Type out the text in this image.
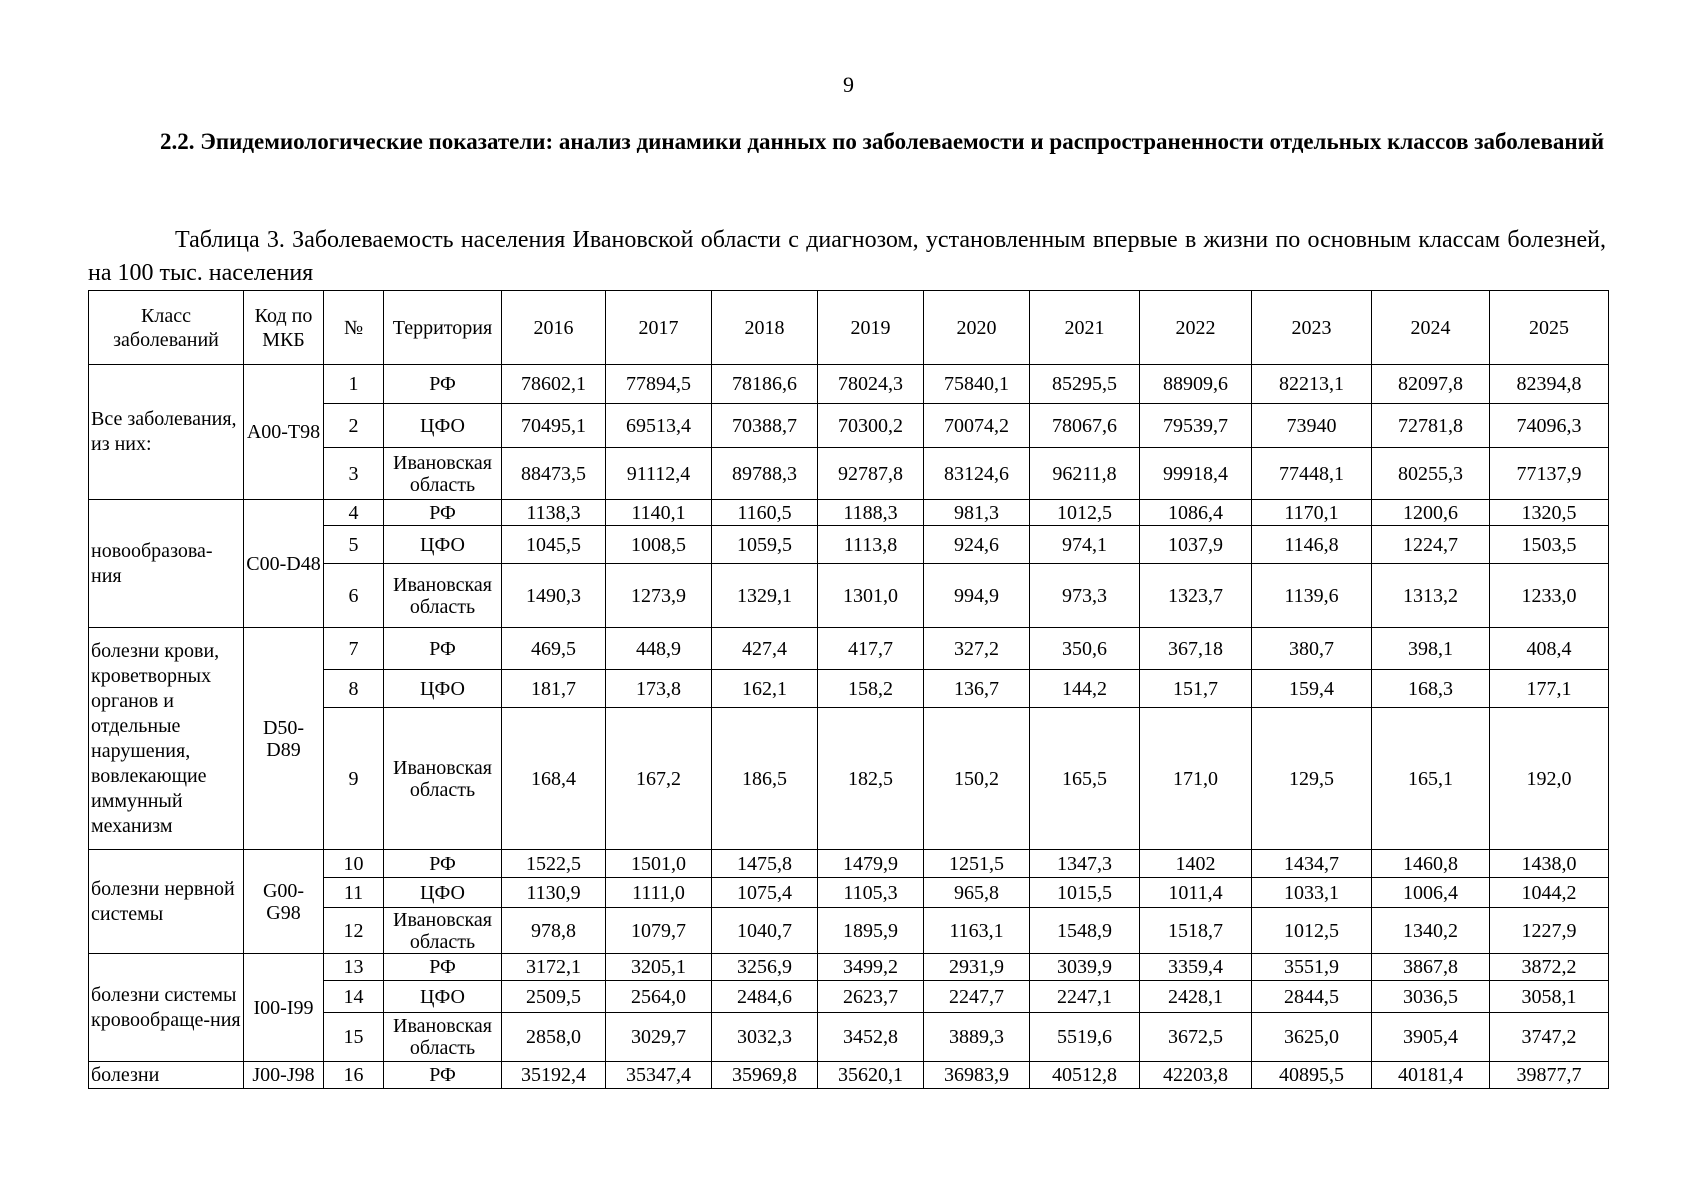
9
2.2. Эпидемиологические показатели: анализ динамики данных по заболеваемости и распространенности отдельных классов заболеваний
Таблица 3. Заболеваемость населения Ивановской области с диагнозом, установленным впервые в жизни по основным классам болезней, на 100 тыс. населения
Класс заболеваний	Код по МКБ	№	Территория	2016	2017	2018	2019	2020	2021	2022	2023	2024	2025
Все заболевания, из них:	А00-Т98	1	РФ	78602,1	77894,5	78186,6	78024,3	75840,1	85295,5	88909,6	82213,1	82097,8	82394,8
		2	ЦФО	70495,1	69513,4	70388,7	70300,2	70074,2	78067,6	79539,7	73940	72781,8	74096,3
		3	Ивановская область	88473,5	91112,4	89788,3	92787,8	83124,6	96211,8	99918,4	77448,1	80255,3	77137,9
новообразова-ния	С00-D48	4	РФ	1138,3	1140,1	1160,5	1188,3	981,3	1012,5	1086,4	1170,1	1200,6	1320,5
		5	ЦФО	1045,5	1008,5	1059,5	1113,8	924,6	974,1	1037,9	1146,8	1224,7	1503,5
		6	Ивановская область	1490,3	1273,9	1329,1	1301,0	994,9	973,3	1323,7	1139,6	1313,2	1233,0
болезни крови, кроветворных органов и отдельные нарушения, вовлекающие иммунный механизм	D50-D89	7	РФ	469,5	448,9	427,4	417,7	327,2	350,6	367,18	380,7	398,1	408,4
		8	ЦФО	181,7	173,8	162,1	158,2	136,7	144,2	151,7	159,4	168,3	177,1
		9	Ивановская область	168,4	167,2	186,5	182,5	150,2	165,5	171,0	129,5	165,1	192,0
болезни нервной системы	G00-G98	10	РФ	1522,5	1501,0	1475,8	1479,9	1251,5	1347,3	1402	1434,7	1460,8	1438,0
		11	ЦФО	1130,9	1111,0	1075,4	1105,3	965,8	1015,5	1011,4	1033,1	1006,4	1044,2
		12	Ивановская область	978,8	1079,7	1040,7	1895,9	1163,1	1548,9	1518,7	1012,5	1340,2	1227,9
болезни системы кровообраще-ния	I00-I99	13	РФ	3172,1	3205,1	3256,9	3499,2	2931,9	3039,9	3359,4	3551,9	3867,8	3872,2
		14	ЦФО	2509,5	2564,0	2484,6	2623,7	2247,7	2247,1	2428,1	2844,5	3036,5	3058,1
		15	Ивановская область	2858,0	3029,7	3032,3	3452,8	3889,3	5519,6	3672,5	3625,0	3905,4	3747,2
болезни	J00-J98	16	РФ	35192,4	35347,4	35969,8	35620,1	36983,9	40512,8	42203,8	40895,5	40181,4	39877,7
